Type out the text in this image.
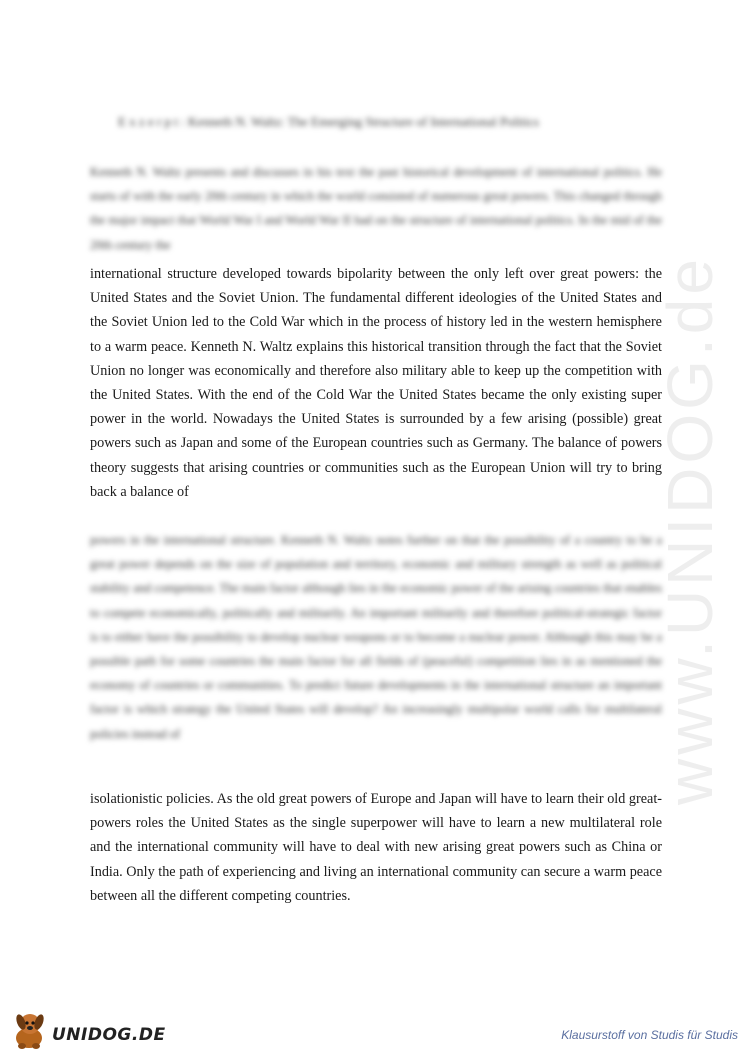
www.UNIDOG.de
E x z e r p t : Kenneth N. Waltz: The Emerging Structure of International Politics

Kenneth N. Waltz presents and discusses in his text the past historical development of international politics. He starts of with the early 20th century in which the world consisted of numerous great powers. This changed through the major impact that World War I and World War II had on the structure of international politics. In the mid of the 20th century the

international structure developed towards bipolarity between the only left over great powers: the United States and the Soviet Union. The fundamental different ideologies of the United States and the Soviet Union led to the Cold War which in the process of history led in the western hemisphere to a warm peace. Kenneth N. Waltz explains this historical transition through the fact that the Soviet Union no longer was economically and therefore also military able to keep up the competition with the United States. With the end of the Cold War the United States became the only existing super power in the world. Nowadays the United States is surrounded by a few arising (possible) great powers such as Japan and some of the European countries such as Germany. The balance of powers theory suggests that arising countries or communities such as the European Union will try to bring back a balance of

powers in the international structure. Kenneth N. Waltz notes further on that the possibility of a country to be a great power depends on the size of population and territory, economic and military strength as well as political stability and competence. The main factor although lies in the economic power of the arising countries that enables to compete economically, politically and militarily. An important militarily and therefore political-strategic factor is to either have the possibility to develop nuclear weapons or to become a nuclear power. Although this may be a possible path for some countries the main factor for all fields of (peaceful) competition lies in as mentioned the economy of countries or communities. To predict future developments in the international structure an important factor is which strategy the United States will develop? An increasingly multipolar world calls for multilateral policies instead of

isolationistic policies. As the old great powers of Europe and Japan will have to learn their old great-powers roles the United States as the single superpower will have to learn a new multilateral role and the international community will have to deal with new arising great powers such as China or India. Only the path of experiencing and living an international community can secure a warm peace between all the different competing countries.

UNIDOG.DE	Klausurstoff von Studis für Studis
